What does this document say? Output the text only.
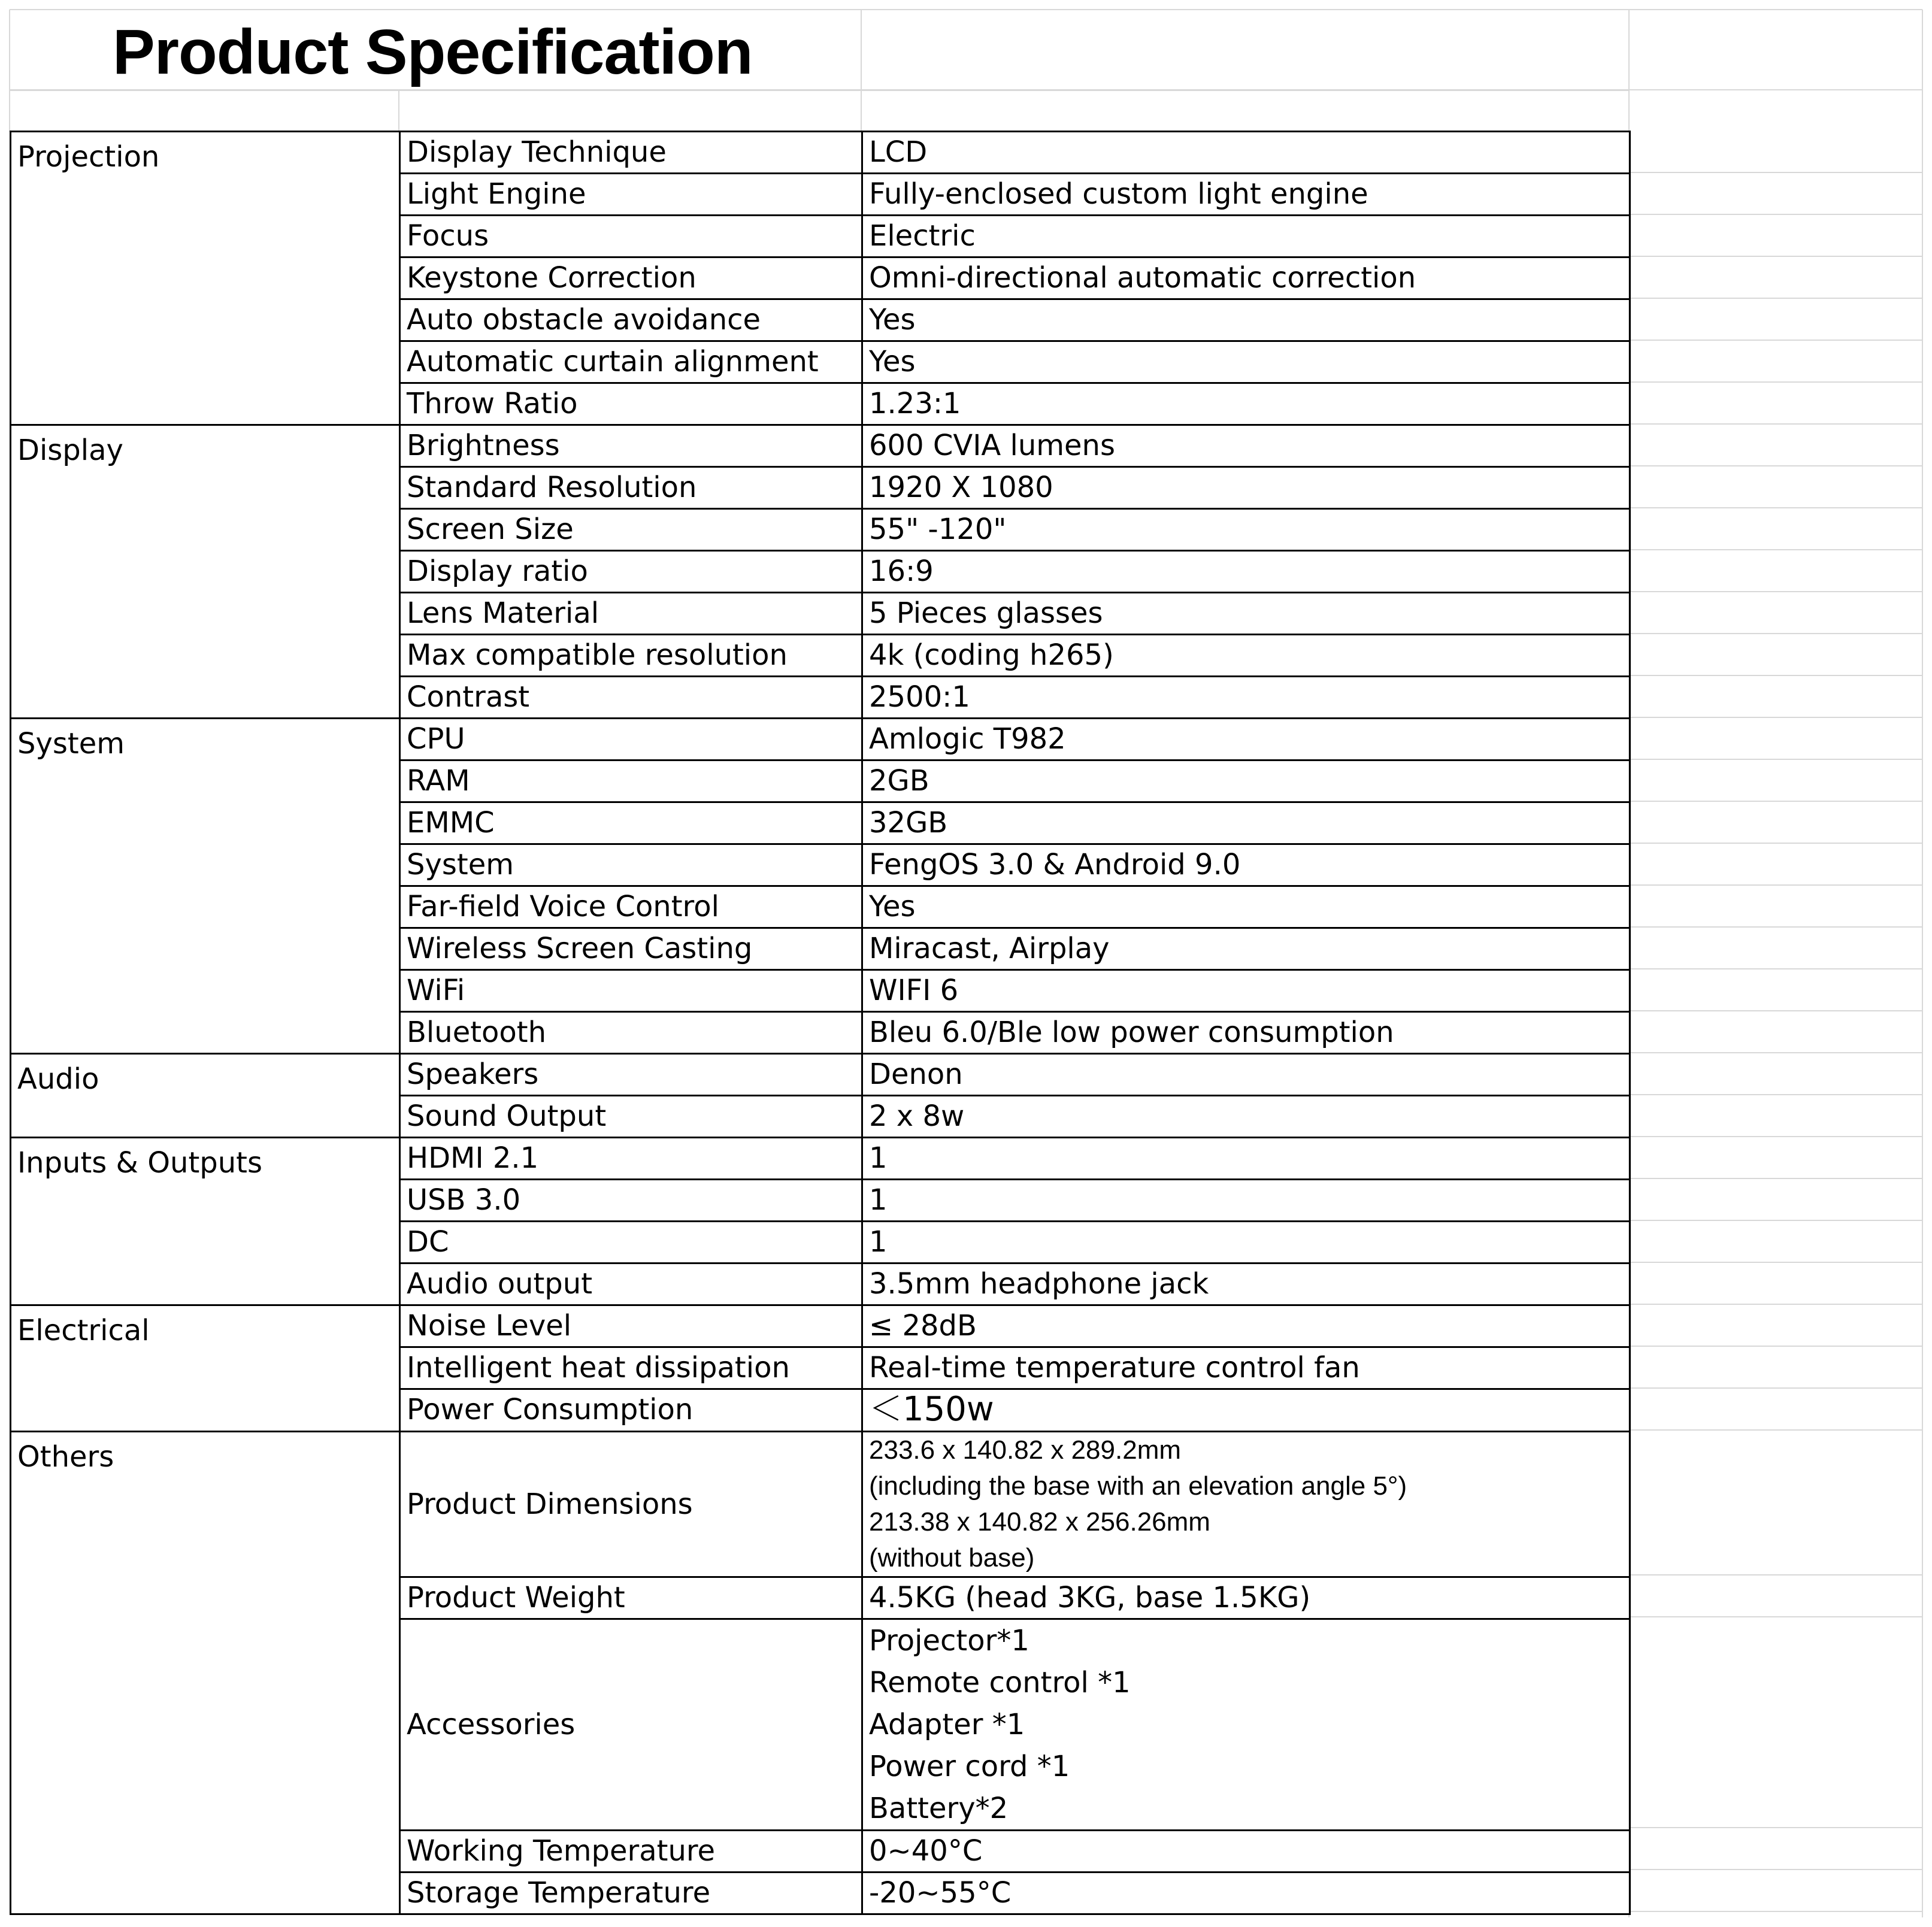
Product Specification
Projection	Display Technique	LCD
	Light Engine	Fully-enclosed custom light engine
	Focus	Electric
	Keystone Correction	Omni-directional automatic correction
	Auto obstacle avoidance	Yes
	Automatic curtain alignment	Yes
	Throw Ratio	1.23:1
Display	Brightness	600 CVIA lumens
	Standard Resolution	1920 X 1080
	Screen Size	55" -120"
	Display ratio	16:9
	Lens Material	5 Pieces glasses
	Max compatible resolution	4k (coding h265)
	Contrast	2500:1
System	CPU	Amlogic T982
	RAM	2GB
	EMMC	32GB
	System	FengOS 3.0 & Android 9.0
	Far-field Voice Control	Yes
	Wireless Screen Casting	Miracast, Airplay
	WiFi	WIFI 6
	Bluetooth	Bleu 6.0/Ble low power consumption
Audio	Speakers	Denon
	Sound Output	2 x 8w
Inputs & Outputs	HDMI 2.1	1
	USB 3.0	1
	DC	1
	Audio output	3.5mm headphone jack
Electrical	Noise Level	≤ 28dB
	Intelligent heat dissipation	Real-time temperature control fan
	Power Consumption	＜150w
Others	Product Dimensions	233.6 x 140.82 x 289.2mm
(including the base with an elevation angle 5°)
213.38 x 140.82 x 256.26mm
(without base)

	Product Weight	4.5KG (head 3KG, base 1.5KG)
	Accessories	Projector*1
Remote control *1
Adapter *1
Power cord *1
Battery*2

	Working Temperature	0~40°C
	Storage Temperature	-20~55°C
